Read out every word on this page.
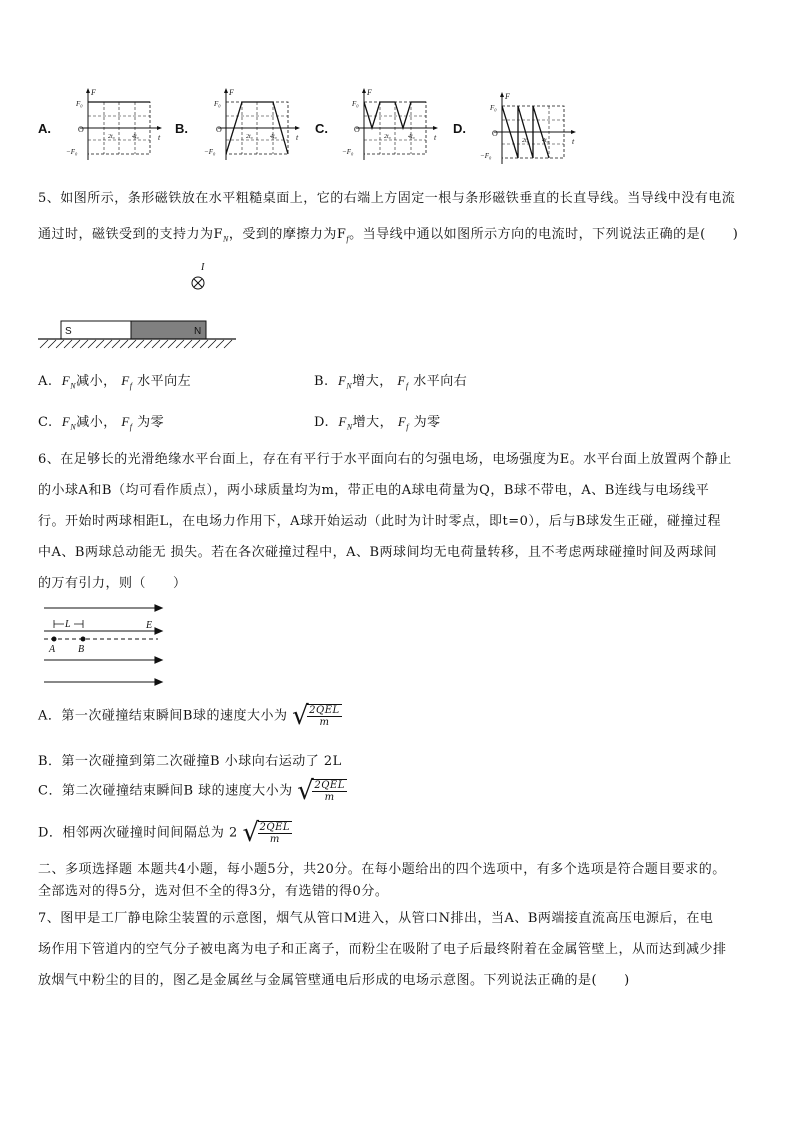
A.
F
F₀
O
−F₀
t
2t₀	4t₀
B.
F
F₀
O
−F₀
t
2t₀	4t₀
C.
F
F₀
O
−F₀
t
2t₀	4t₀
D.
F
F₀
O
−F₀
t
2t₀ 4t₀
5、如图所示，条形磁铁放在水平粗糙桌面上，它的右端上方固定一根与条形磁铁垂直的长直导线。当导线中没有电流
通过时，磁铁受到的支持力为$F_N$，受到的摩擦力为$F_f$。当导线中通以如图所示方向的电流时，下列说法正确的是(　　)
I
S	N
A. $F_N$减小， $F_f$ 水平向左	B. $F_N$增大， $F_f$ 水平向右
C. $F_N$减小， $F_f$ 为零	D. $F_N$增大， $F_f$ 为零
6、在足够长的光滑绝缘水平台面上，存在有平行于水平面向右的匀强电场，电场强度为E。水平台面上放置两个静止
的小球A和B（均可看作质点），两小球质量均为m，带正电的A球电荷量为Q，B球不带电，A、B连线与电场线平
行。开始时两球相距L，在电场力作用下，A球开始运动（此时为计时零点，即t=0），后与B球发生正碰，碰撞过程
中A、B两球总动能无 损失。若在各次碰撞过程中，A、B两球间均无电荷量转移，且不考虑两球碰撞时间及两球间
的万有引力，则（　　）
L	E
A B
A．第一次碰撞结束瞬间B球的速度大小为 √
$\frac{\text{2QEL}}{m}$
B．第一次碰撞到第二次碰撞B 小球向右运动了 2L
C．第二次碰撞结束瞬间B 球的速度大小为 √
$\frac{\text{2QEL}}{m}$
D．相邻两次碰撞时间间隔总为 2 √
$\frac{\text{2QEL}}{m}$
二、多项选择题 本题共4小题，每小题5分，共20分。在每小题给出的四个选项中，有多个选项是符合题目要求的。
全部选对的得5分，选对但不全的得3分，有选错的得0分。
7、图甲是工厂静电除尘装置的示意图，烟气从管口M进入，从管口N排出，当A、B两端接直流高压电源后，在电
场作用下管道内的空气分子被电离为电子和正离子，而粉尘在吸附了电子后最终附着在金属管壁上，从而达到减少排
放烟气中粉尘的目的，图乙是金属丝与金属管壁通电后形成的电场示意图。下列说法正确的是(　　)
